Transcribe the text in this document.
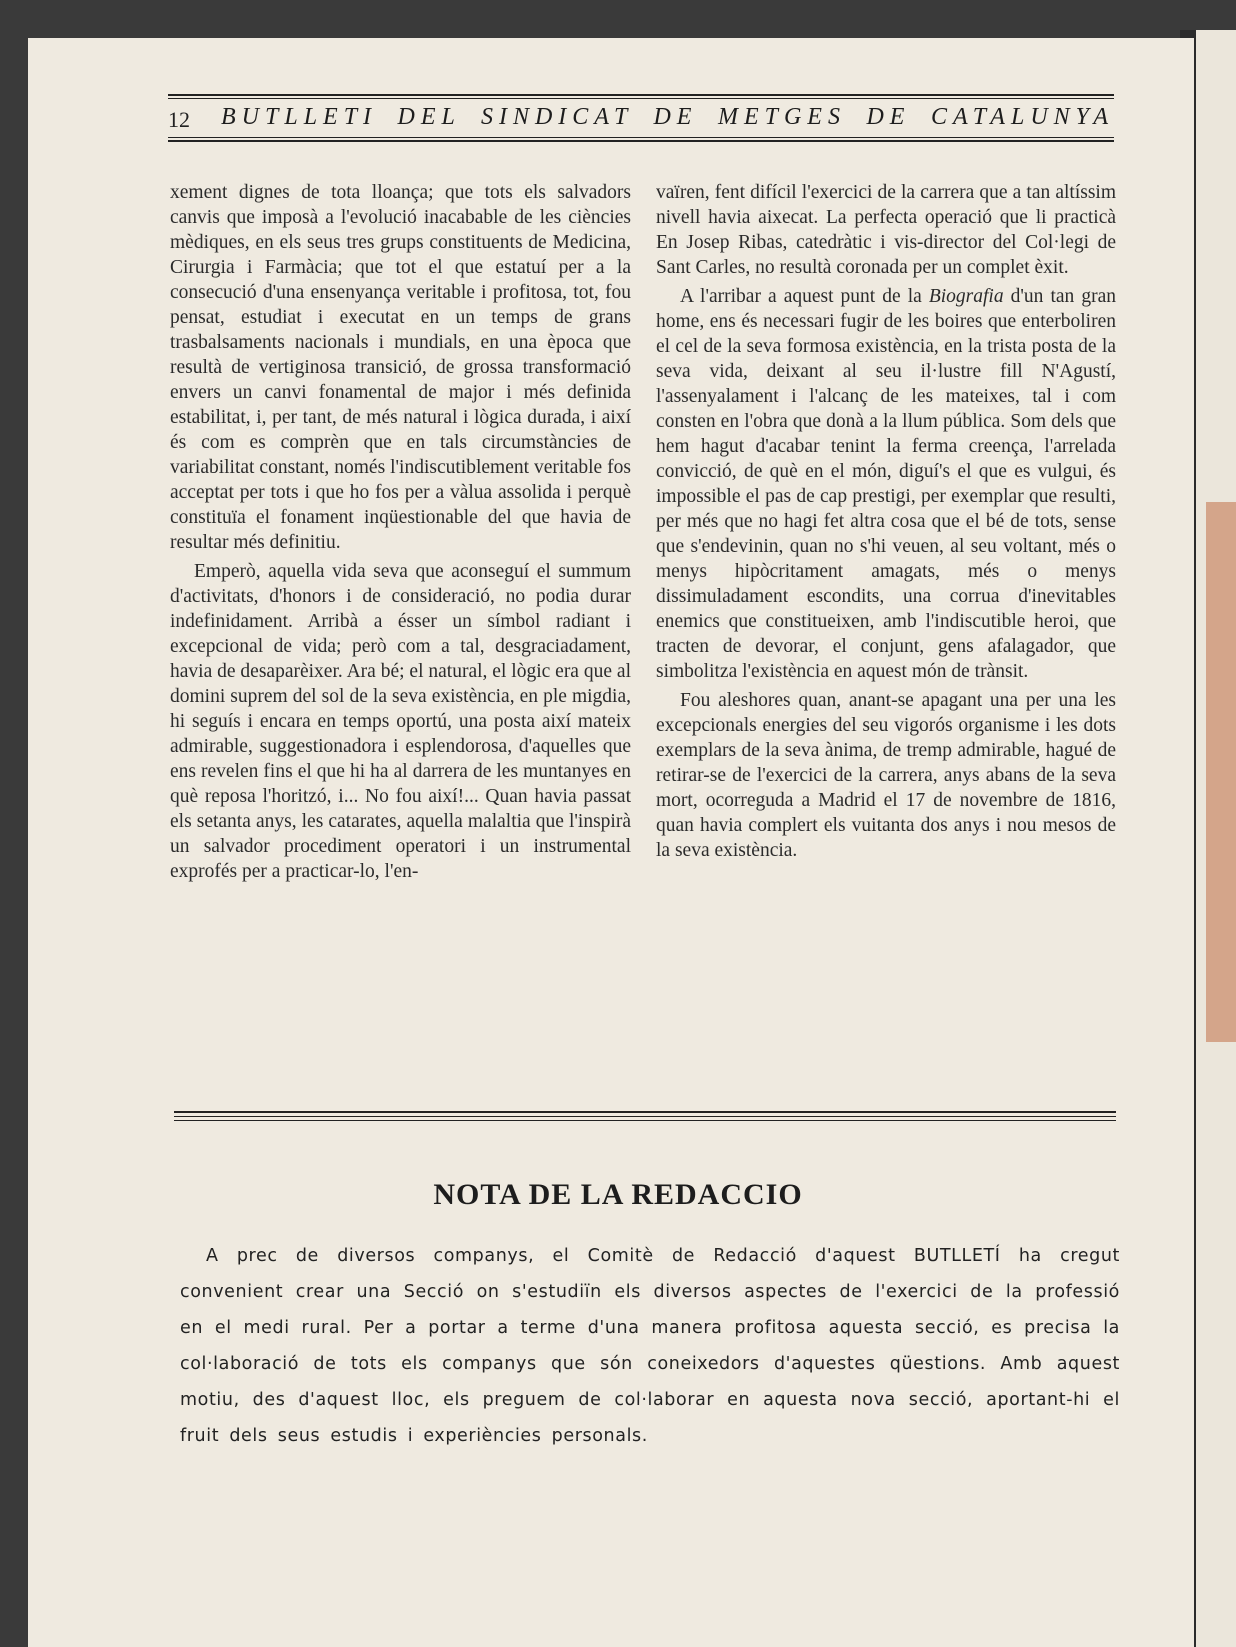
12 BUTLLETI DEL SINDICAT DE METGES DE CATALUNYA

xement dignes de tota lloança; que tots els salvadors canvis que imposà a l'evolució inacabable de les ciències mèdiques, en els seus tres grups constituents de Medicina, Cirurgia i Farmàcia; que tot el que estatuí per a la consecució d'una ensenyança veritable i profitosa, tot, fou pensat, estudiat i executat en un temps de grans trasbalsaments nacionals i mundials, en una època que resultà de vertiginosa transició, de grossa transformació envers un canvi fonamental de major i més definida estabilitat, i, per tant, de més natural i lògica durada, i així és com es comprèn que en tals circumstàncies de variabilitat constant, només l'indiscutiblement veritable fos acceptat per tots i que ho fos per a vàlua assolida i perquè constituïa el fonament inqüestionable del que havia de resultar més definitiu.

Emperò, aquella vida seva que aconseguí el summum d'activitats, d'honors i de consideració, no podia durar indefinidament. Arribà a ésser un símbol radiant i excepcional de vida; però com a tal, desgraciadament, havia de desaparèixer. Ara bé; el natural, el lògic era que al domini suprem del sol de la seva existència, en ple migdia, hi seguís i encara en temps oportú, una posta així mateix admirable, suggestionadora i esplendorosa, d'aquelles que ens revelen fins el que hi ha al darrera de les muntanyes en què reposa l'horitzó, i... No fou així!... Quan havia passat els setanta anys, les catarates, aquella malaltia que l'inspirà un salvador procediment operatori i un instrumental exprofés per a practicar-lo, l'en-

vaïren, fent difícil l'exercici de la carrera que a tan altíssim nivell havia aixecat. La perfecta operació que li practicà En Josep Ribas, catedràtic i vis-director del Col·legi de Sant Carles, no resultà coronada per un complet èxit.

A l'arribar a aquest punt de la Biografia d'un tan gran home, ens és necessari fugir de les boires que enterboliren el cel de la seva formosa existència, en la trista posta de la seva vida, deixant al seu il·lustre fill N'Agustí, l'assenyalament i l'alcanç de les mateixes, tal i com consten en l'obra que donà a la llum pública. Som dels que hem hagut d'acabar tenint la ferma creença, l'arrelada convicció, de què en el món, diguí's el que es vulgui, és impossible el pas de cap prestigi, per exemplar que resulti, per més que no hagi fet altra cosa que el bé de tots, sense que s'endevinin, quan no s'hi veuen, al seu voltant, més o menys hipòcritament amagats, més o menys dissimuladament escondits, una corrua d'inevitables enemics que constitueixen, amb l'indiscutible heroi, que tracten de devorar, el conjunt, gens afalagador, que simbolitza l'existència en aquest món de trànsit.

Fou aleshores quan, anant-se apagant una per una les excepcionals energies del seu vigorós organisme i les dots exemplars de la seva ànima, de tremp admirable, hagué de retirar-se de l'exercici de la carrera, anys abans de la seva mort, ocorreguda a Madrid el 17 de novembre de 1816, quan havia complert els vuitanta dos anys i nou mesos de la seva existència.

NOTA DE LA REDACCIO

A prec de diversos companys, el Comitè de Redacció d'aquest BUTLLETÍ ha cregut convenient crear una Secció on s'estudiïn els diversos aspectes de l'exercici de la professió en el medi rural. Per a portar a terme d'una manera profitosa aquesta secció, es precisa la col·laboració de tots els companys que són coneixedors d'aquestes qüestions. Amb aquest motiu, des d'aquest lloc, els preguem de col·laborar en aquesta nova secció, aportant-hi el fruit dels seus estudis i experiències personals.
